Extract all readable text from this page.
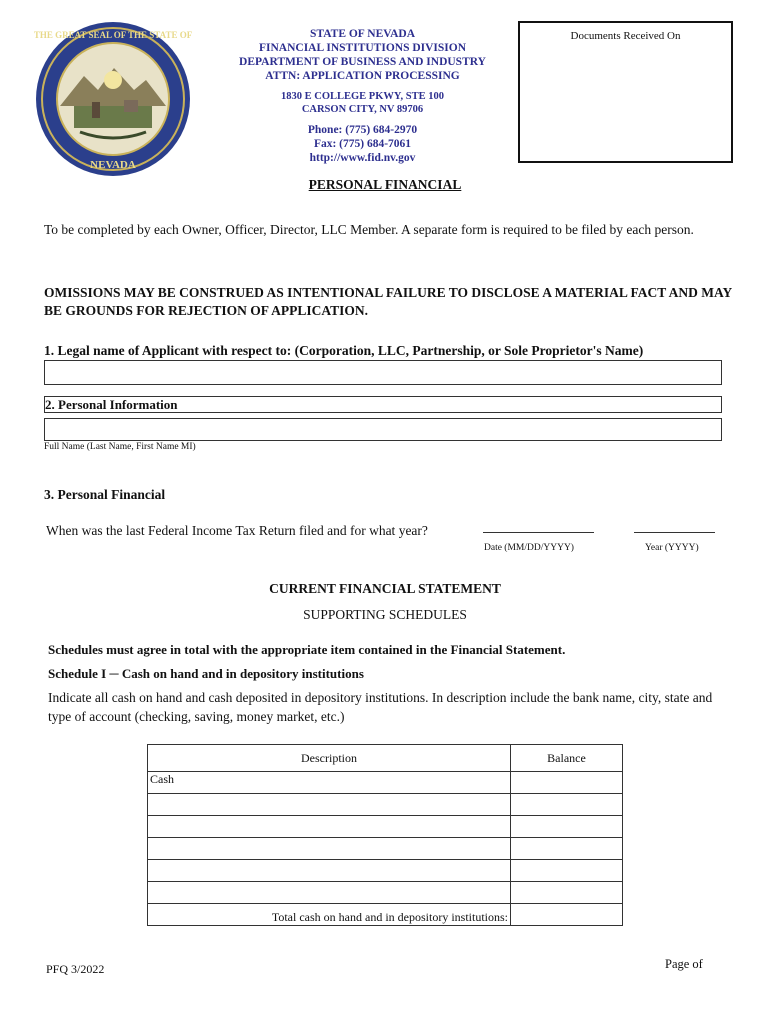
THE GREAT SEAL OF THE STATE OF
NEVADA
STATE OF NEVADA
FINANCIAL INSTITUTIONS DIVISION
DEPARTMENT OF BUSINESS AND INDUSTRY
ATTN: APPLICATION PROCESSING
1830 E COLLEGE PKWY, STE 100
CARSON CITY, NV 89706
Phone: (775) 684-2970
Fax: (775) 684-7061
http://www.fid.nv.gov
Documents Received On
PERSONAL FINANCIAL
To be completed by each Owner, Officer, Director, LLC Member. A separate form is required to be filed by each person.
OMISSIONS MAY BE CONSTRUED AS INTENTIONAL FAILURE TO DISCLOSE A MATERIAL FACT AND MAY BE GROUNDS FOR REJECTION OF APPLICATION.
1. Legal name of Applicant with respect to: (Corporation, LLC, Partnership, or Sole Proprietor's Name)
2. Personal Information
Full Name (Last Name, First Name MI)
3. Personal Financial
When was the last Federal Income Tax Return filed and for what year?
Date (MM/DD/YYYY)	Year (YYYY)
CURRENT FINANCIAL STATEMENT
SUPPORTING SCHEDULES
Schedules must agree in total with the appropriate item contained in the Financial Statement.
Schedule I ─ Cash on hand and in depository institutions
Indicate all cash on hand and cash deposited in depository institutions. In description include the bank name, city, state and type of account (checking, saving, money market, etc.)
Description	Balance
Cash	

Total cash on hand and in depository institutions:	
PFQ 3/2022	Page of
